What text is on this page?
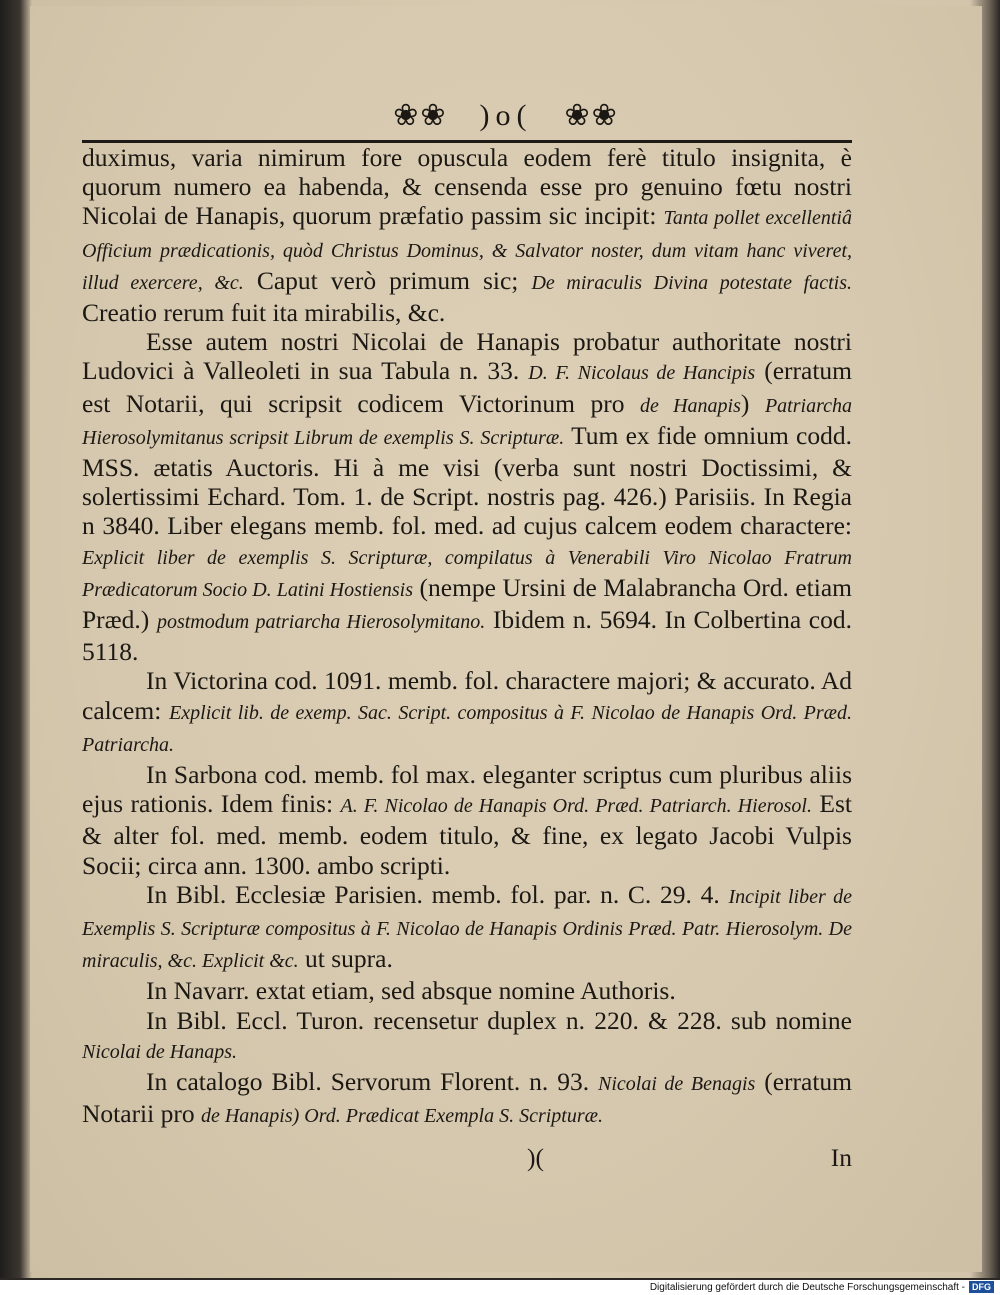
❀❀ )o( ❀❀

duximus, varia nimirum fore opuscula eodem ferè titulo insignita, è quorum numero ea habenda, & censenda esse pro genuino fœtu nostri Nicolai de Hanapis, quorum præfatio passim sic incipit: Tanta pollet excellentiâ Officium prædicationis, quòd Christus Dominus, & Salvator noster, dum vitam hanc viveret, illud exercere, &c. Caput verò primum sic; De miraculis Divina potestate factis. Creatio rerum fuit ita mirabilis, &c.

Esse autem nostri Nicolai de Hanapis probatur authoritate nostri Ludovici à Valleoleti in sua Tabula n. 33. D. F. Nicolaus de Hancipis (erratum est Notarii, qui scripsit codicem Victorinum pro de Hanapis) Patriarcha Hierosolymitanus scripsit Librum de exemplis S. Scripturæ. Tum ex fide omnium codd. MSS. ætatis Auctoris. Hi à me visi (verba sunt nostri Doctissimi, & solertissimi Echard. Tom. 1. de Script. nostris pag. 426.) Parisiis. In Regia n 3840. Liber elegans memb. fol. med. ad cujus calcem eodem charactere: Explicit liber de exemplis S. Scripturæ, compilatus à Venerabili Viro Nicolao Fratrum Prædicatorum Socio D. Latini Hostiensis (nempe Ursini de Malabrancha Ord. etiam Præd.) postmodum patriarcha Hierosolymitano. Ibidem n. 5694. In Colbertina cod. 5118.

In Victorina cod. 1091. memb. fol. charactere majori; & accurato. Ad calcem: Explicit lib. de exemp. Sac. Script. compositus à F. Nicolao de Hanapis Ord. Præd. Patriarcha.

In Sarbona cod. memb. fol max. eleganter scriptus cum pluribus aliis ejus rationis. Idem finis: A. F. Nicolao de Hanapis Ord. Præd. Patriarch. Hierosol. Est & alter fol. med. memb. eodem titulo, & fine, ex legato Jacobi Vulpis Socii; circa ann. 1300. ambo scripti.

In Bibl. Ecclesiæ Parisien. memb. fol. par. n. C. 29. 4. Incipit liber de Exemplis S. Scripturæ compositus à F. Nicolao de Hanapis Ordinis Præd. Patr. Hierosolym. De miraculis, &c. Explicit &c. ut supra.

In Navarr. extat etiam, sed absque nomine Authoris.

In Bibl. Eccl. Turon. recensetur duplex n. 220. & 228. sub nomine Nicolai de Hanaps.

In catalogo Bibl. Servorum Florent. n. 93. Nicolai de Benagis (erratum Notarii pro de Hanapis) Ord. Prædicat Exempla S. Scripturæ.

)(	In
Digitalisierung gefördert durch die Deutsche Forschungsgemeinschaft - DFG
